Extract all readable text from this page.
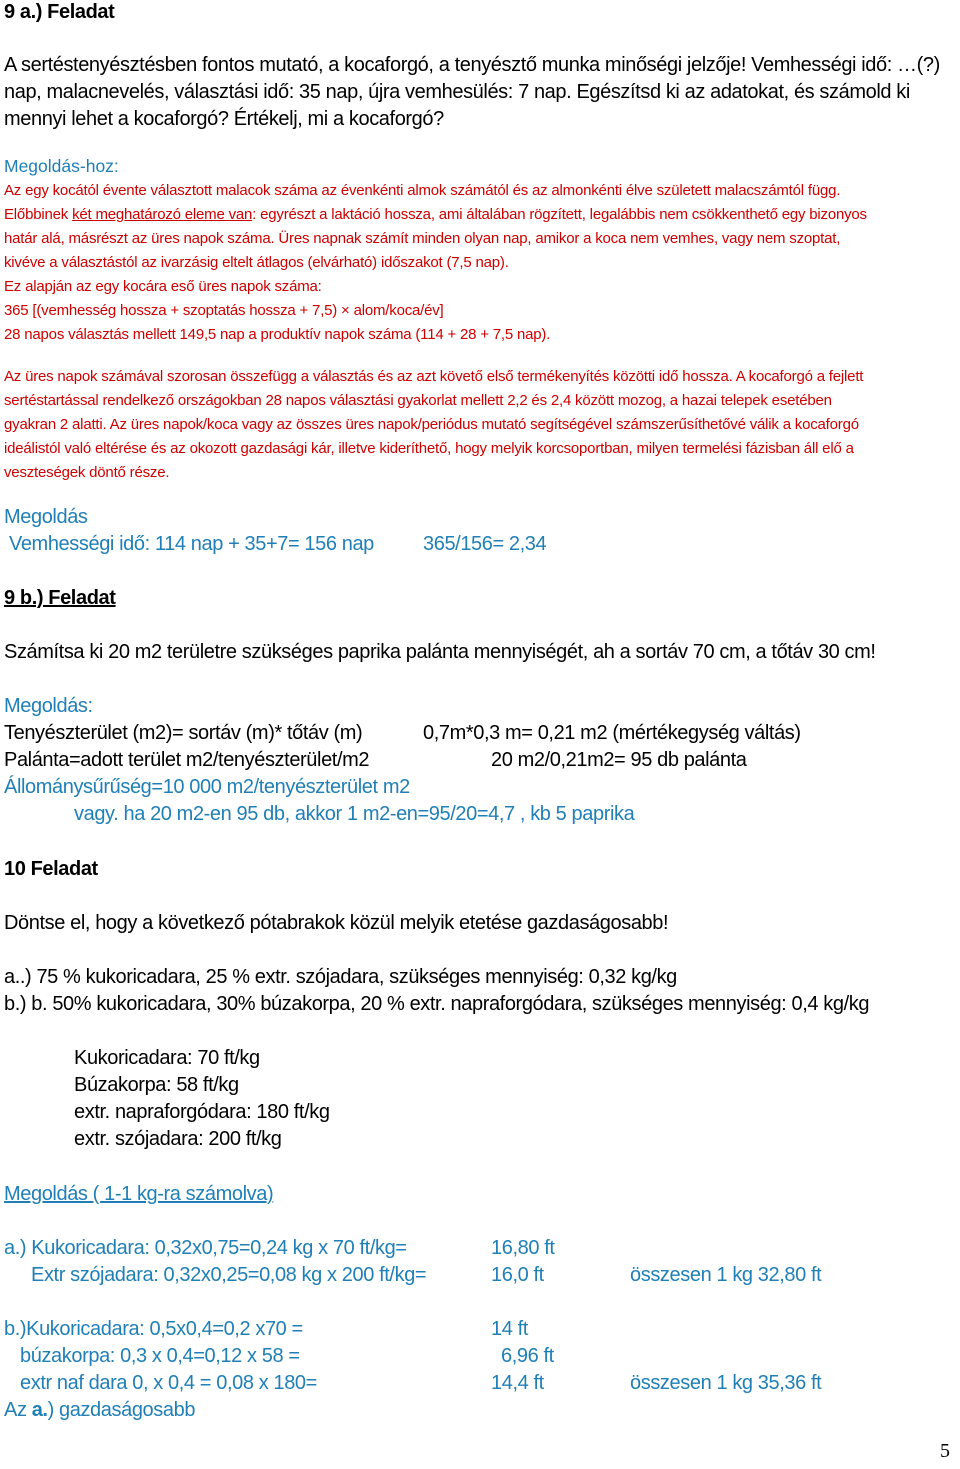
9 a.) Feladat
A sertéstenyésztésben fontos mutató, a kocaforgó, a tenyésztő munka minőségi jelzője! Vemhességi idő: …(?)
nap, malacnevelés, választási idő: 35 nap, újra vemhesülés: 7 nap. Egészítsd ki az adatokat, és számold ki
mennyi lehet a kocaforgó? Értékelj, mi a kocaforgó?
Megoldás-hoz:
Az egy kocától évente választott malacok száma az évenkénti almok számától és az almonkénti élve született malacszámtól függ.
Előbbinek két meghatározó eleme van: egyrészt a laktáció hossza, ami általában rögzített, legalábbis nem csökkenthető egy bizonyos
határ alá, másrészt az üres napok száma. Üres napnak számít minden olyan nap, amikor a koca nem vemhes, vagy nem szoptat,
kivéve a választástól az ivarzásig eltelt átlagos (elvárható) időszakot (7,5 nap).
Ez alapján az egy kocára eső üres napok száma:
365 [(vemhesség hossza + szoptatás hossza + 7,5) × alom/koca/év]
28 napos választás mellett 149,5 nap a produktív napok száma (114 + 28 + 7,5 nap).
Az üres napok számával szorosan összefügg a választás és az azt követő első termékenyítés közötti idő hossza. A kocaforgó a fejlett
sertéstartással rendelkező országokban 28 napos választási gyakorlat mellett 2,2 és 2,4 között mozog, a hazai telepek esetében
gyakran 2 alatti. Az üres napok/koca vagy az összes üres napok/periódus mutató segítségével számszerűsíthetővé válik a kocaforgó
ideálistól való eltérése és az okozott gazdasági kár, illetve kideríthető, hogy melyik korcsoportban, milyen termelési fázisban áll elő a
veszteségek döntő része.
Megoldás
Vemhességi idő: 114 nap + 35+7= 156 nap 365/156= 2,34
9 b.) Feladat
Számítsa ki 20 m2 területre szükséges paprika palánta mennyiségét, ah a sortáv 70 cm, a tőtáv 30 cm!
Megoldás:
Tenyészterület (m2)= sortáv (m)* tőtáv (m)	0,7m*0,3 m= 0,21 m2 (mértékegység váltás)
Palánta=adott terület m2/tenyészterület/m2	20 m2/0,21m2= 95 db palánta
Állománysűrűség=10 000 m2/tenyészterület m2
vagy. ha 20 m2-en 95 db, akkor 1 m2-en=95/20=4,7 , kb 5 paprika
10 Feladat
Döntse el, hogy a következő pótabrakok közül melyik etetése gazdaságosabb!
a..) 75 % kukoricadara, 25 % extr. szójadara, szükséges mennyiség: 0,32 kg/kg
b.) b. 50% kukoricadara, 30% búzakorpa, 20 % extr. napraforgódara, szükséges mennyiség: 0,4 kg/kg
Kukoricadara: 70 ft/kg
Búzakorpa: 58 ft/kg
extr. napraforgódara: 180 ft/kg
extr. szójadara: 200 ft/kg
Megoldás ( 1-1 kg-ra számolva)
a.) Kukoricadara: 0,32x0,75=0,24 kg x 70 ft/kg=	16,80 ft
Extr szójadara: 0,32x0,25=0,08 kg x 200 ft/kg=	16,0 ft	összesen 1 kg 32,80 ft
b.)Kukoricadara: 0,5x0,4=0,2 x70 =	14 ft
búzakorpa: 0,3 x 0,4=0,12 x 58 =	6,96 ft
extr naf dara 0, x 0,4 = 0,08 x 180=	14,4 ft	összesen 1 kg 35,36 ft
Az a.) gazdaságosabb
5
